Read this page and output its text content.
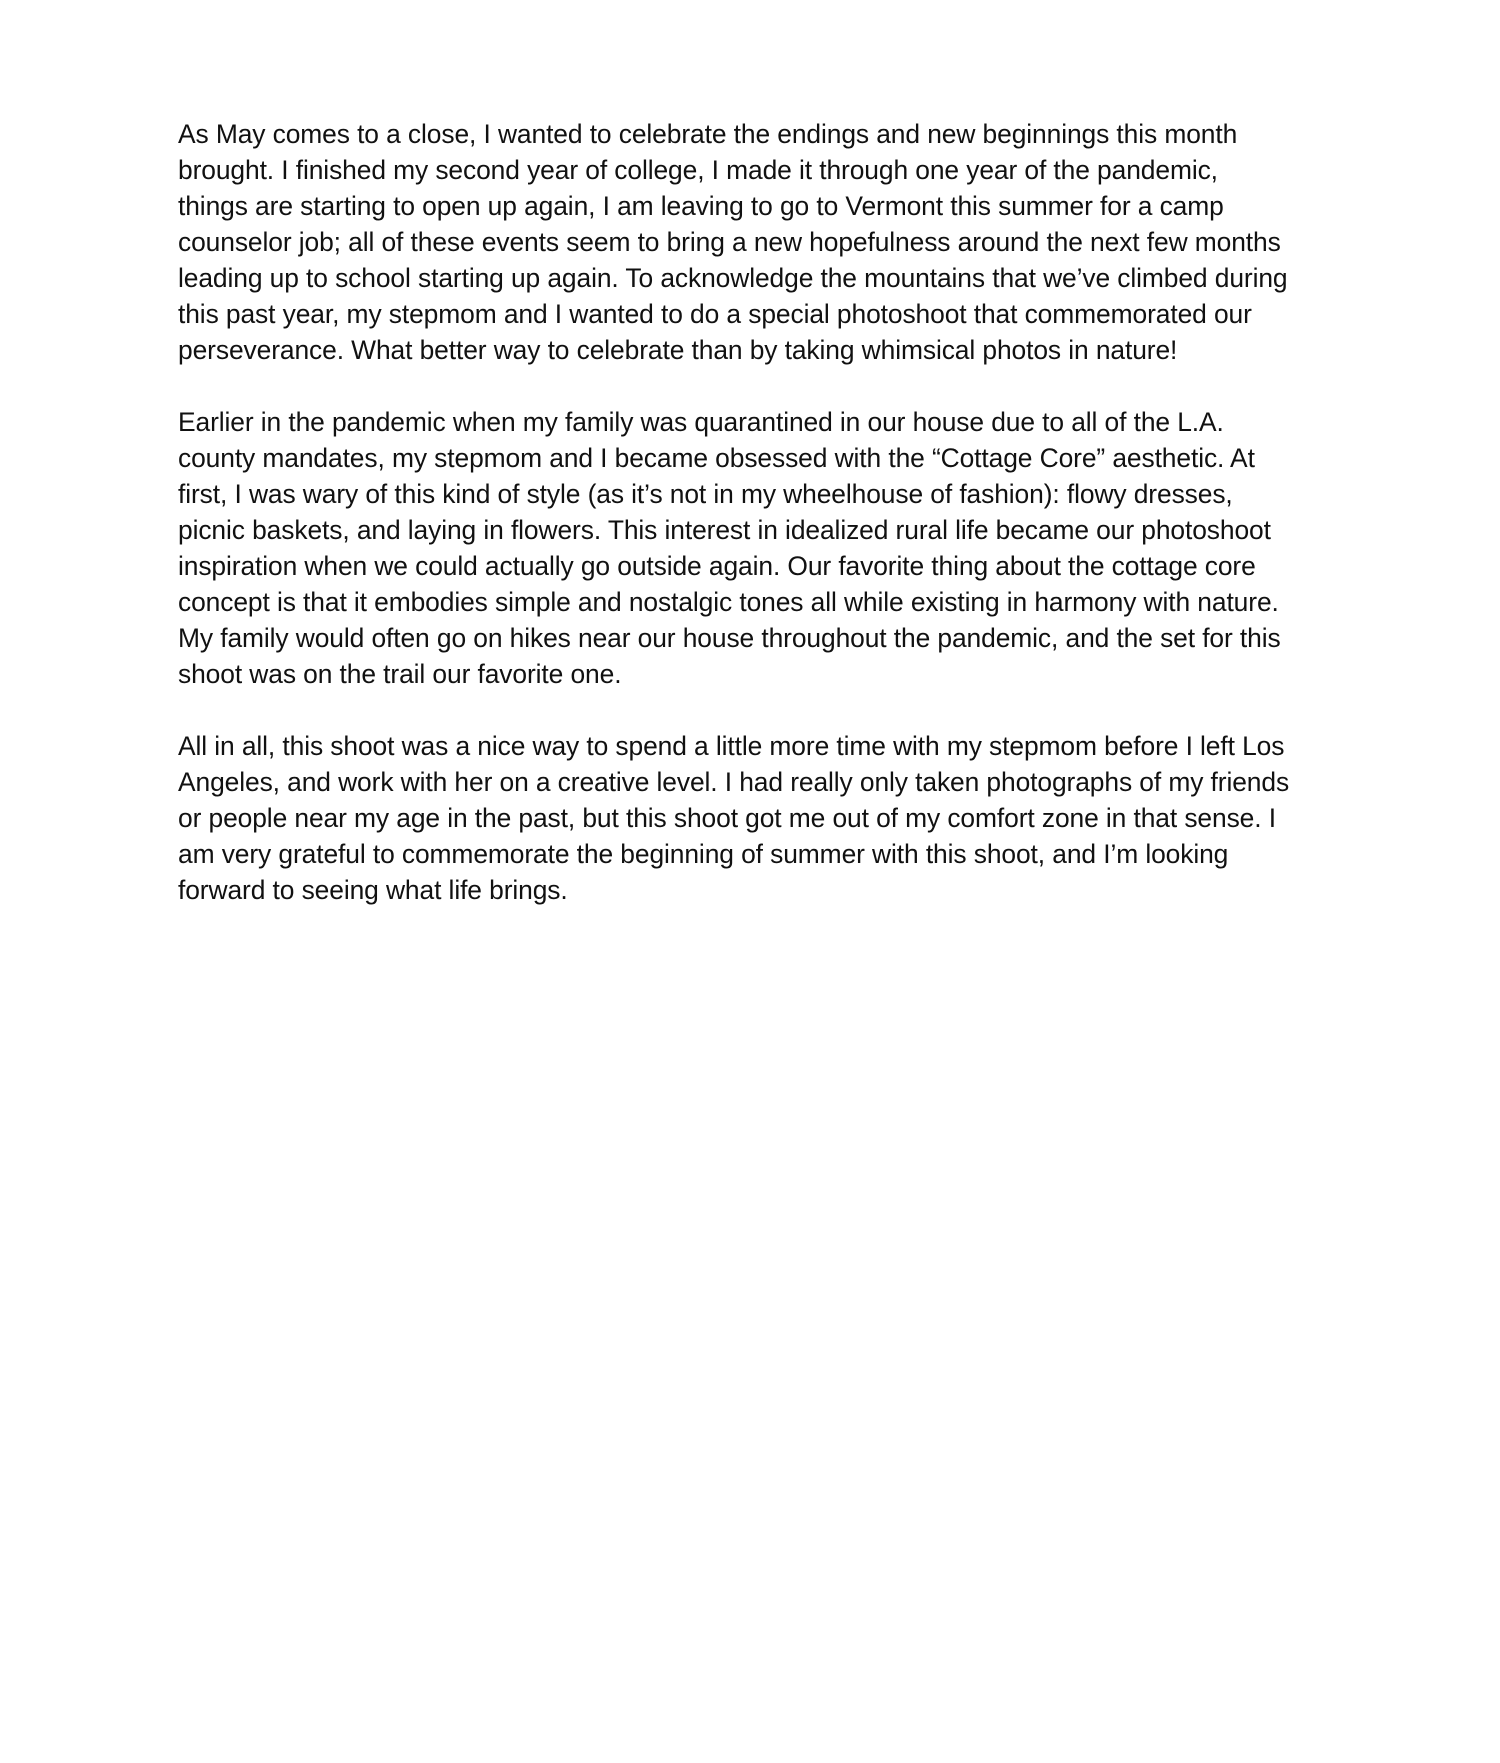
As May comes to a close, I wanted to celebrate the endings and new beginnings this month
brought. I finished my second year of college, I made it through one year of the pandemic,
things are starting to open up again, I am leaving to go to Vermont this summer for a camp
counselor job; all of these events seem to bring a new hopefulness around the next few months
leading up to school starting up again. To acknowledge the mountains that we’ve climbed during
this past year, my stepmom and I wanted to do a special photoshoot that commemorated our
perseverance. What better way to celebrate than by taking whimsical photos in nature!

Earlier in the pandemic when my family was quarantined in our house due to all of the L.A.
county mandates, my stepmom and I became obsessed with the “Cottage Core” aesthetic. At
first, I was wary of this kind of style (as it’s not in my wheelhouse of fashion): flowy dresses,
picnic baskets, and laying in flowers. This interest in idealized rural life became our photoshoot
inspiration when we could actually go outside again. Our favorite thing about the cottage core
concept is that it embodies simple and nostalgic tones all while existing in harmony with nature.
My family would often go on hikes near our house throughout the pandemic, and the set for this
shoot was on the trail our favorite one.

All in all, this shoot was a nice way to spend a little more time with my stepmom before I left Los
Angeles, and work with her on a creative level. I had really only taken photographs of my friends
or people near my age in the past, but this shoot got me out of my comfort zone in that sense. I
am very grateful to commemorate the beginning of summer with this shoot, and I’m looking
forward to seeing what life brings.
